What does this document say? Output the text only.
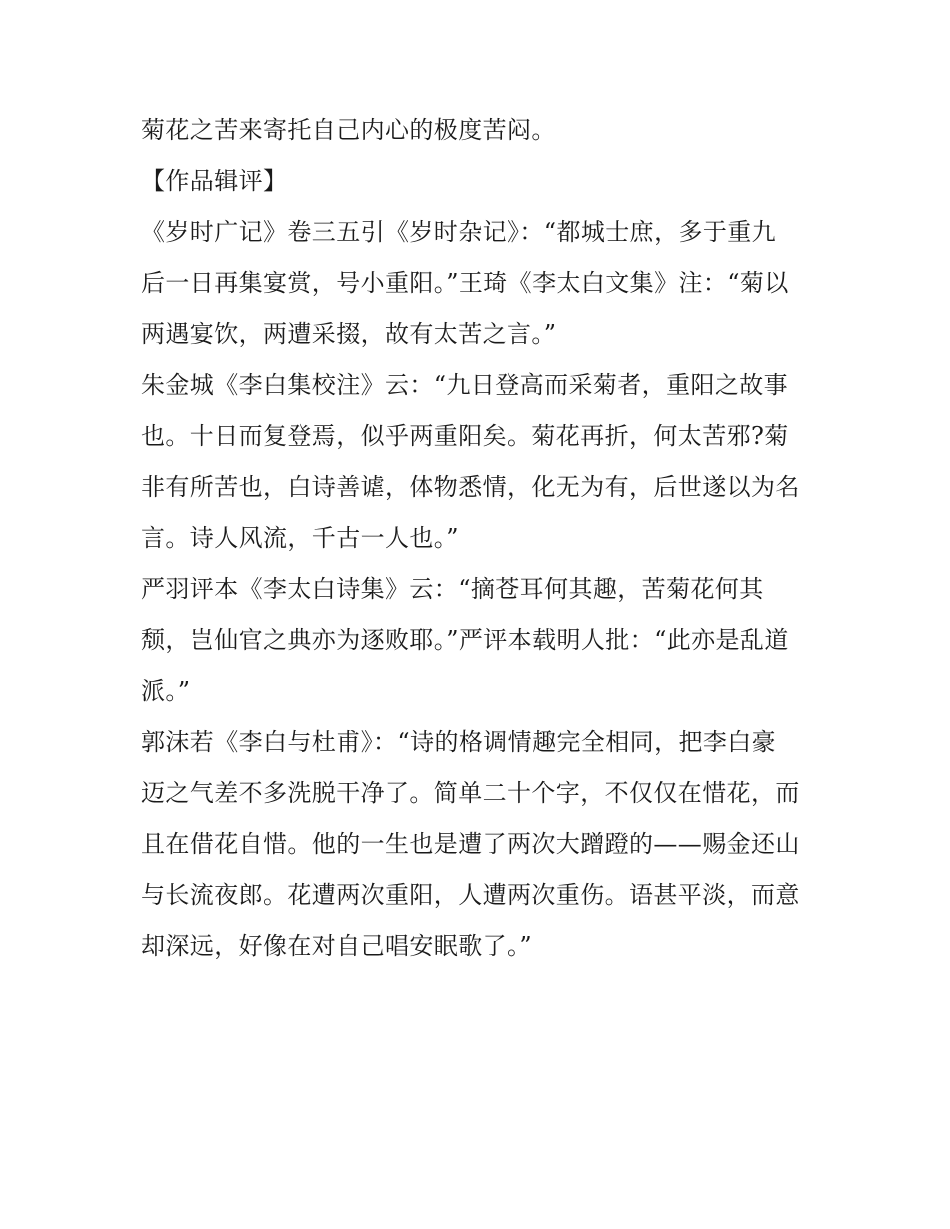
菊花之苦来寄托自己内心的极度苦闷。
【作品辑评】
《岁时广记》卷三五引《岁时杂记》：“都城士庶，多于重九
后一日再集宴赏，号小重阳。”王琦《李太白文集》注：“菊以
两遇宴饮，两遭采掇，故有太苦之言。”
朱金城《李白集校注》云：“九日登高而采菊者，重阳之故事
也。十日而复登焉，似乎两重阳矣。菊花再折，何太苦邪?菊
非有所苦也，白诗善谑，体物悉情，化无为有，后世遂以为名
言。诗人风流，千古一人也。”
严羽评本《李太白诗集》云：“摘苍耳何其趣，苦菊花何其
颓，岂仙官之典亦为逐败耶。”严评本载明人批：“此亦是乱道
派。”
郭沫若《李白与杜甫》：“诗的格调情趣完全相同，把李白豪
迈之气差不多洗脱干净了。简单二十个字，不仅仅在惜花，而
且在借花自惜。他的一生也是遭了两次大蹭蹬的——赐金还山
与长流夜郎。花遭两次重阳，人遭两次重伤。语甚平淡，而意
却深远，好像在对自己唱安眠歌了。”
